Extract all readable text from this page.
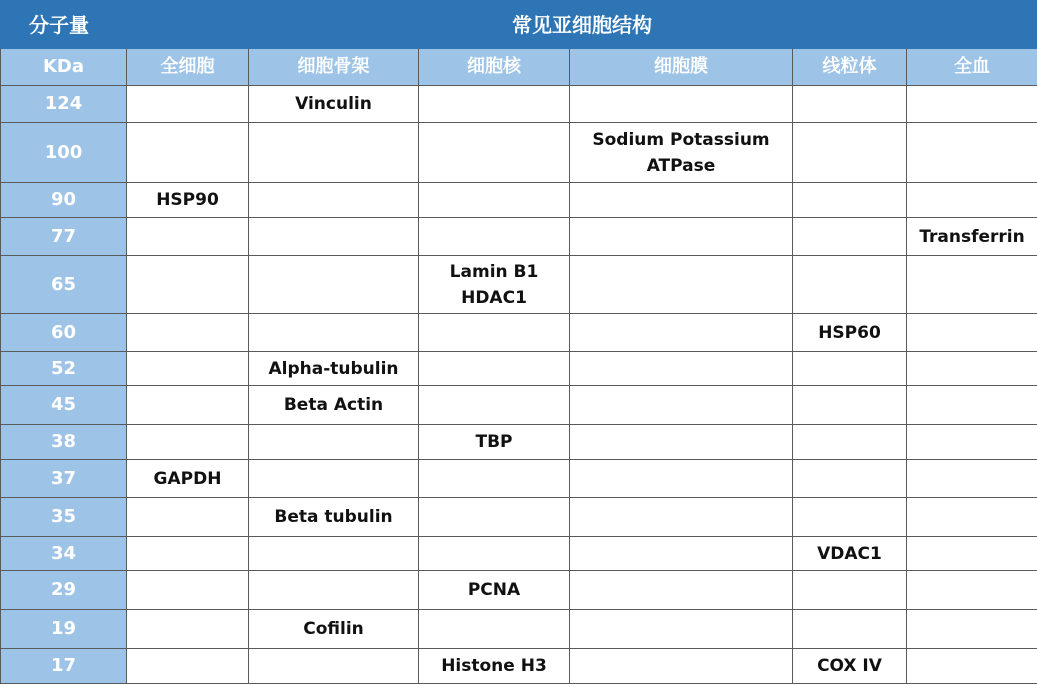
分子量	常见亚细胞结构					
KDa	全细胞	细胞骨架	细胞核	细胞膜	线粒体	全血
124		Vinculin				

100				Sodium Potassium
ATPase		

90	HSP90					

77						Transferrin

65			Lamin B1
HDAC1			

60					HSP60	

52		Alpha-tubulin				

45		Beta Actin				

38			TBP			

37	GAPDH					

35		Beta tubulin				

34					VDAC1	

29			PCNA			

19		Cofilin				

17			Histone H3		COX IV	
